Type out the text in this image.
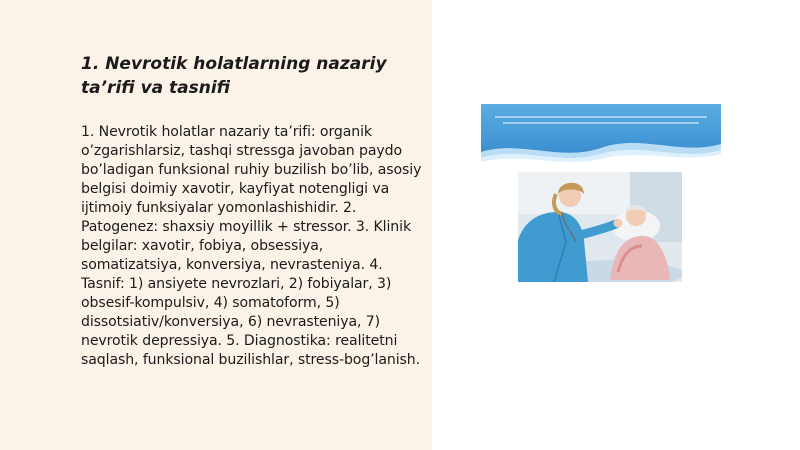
1. Nevrotik holatlarning nazariy ta’rifi va tasnifi

1. Nevrotik holatlar nazariy ta’rifi: organik o’zgarishlarsiz, tashqi stressga javoban paydo bo’ladigan funksional ruhiy buzilish bo’lib, asosiy belgisi doimiy xavotir, kayfiyat notengligi va ijtimoiy funksiyalar yomonlashishidir. 2. Patogenez: shaxsiy moyillik + stressor. 3. Klinik belgilar: xavotir, fobiya, obsessiya, somatizatsiya, konversiya, nevrasteniya. 4. Tasnif: 1) ansiyete nevrozlari, 2) fobiyalar, 3) obsesif-kompulsiv, 4) somatoform, 5) dissotsiativ/konversiya, 6) nevrasteniya, 7) nevrotik depressiya. 5. Diagnostika: realitetni saqlash, funksional buzilishlar, stress-bog’lanish.
